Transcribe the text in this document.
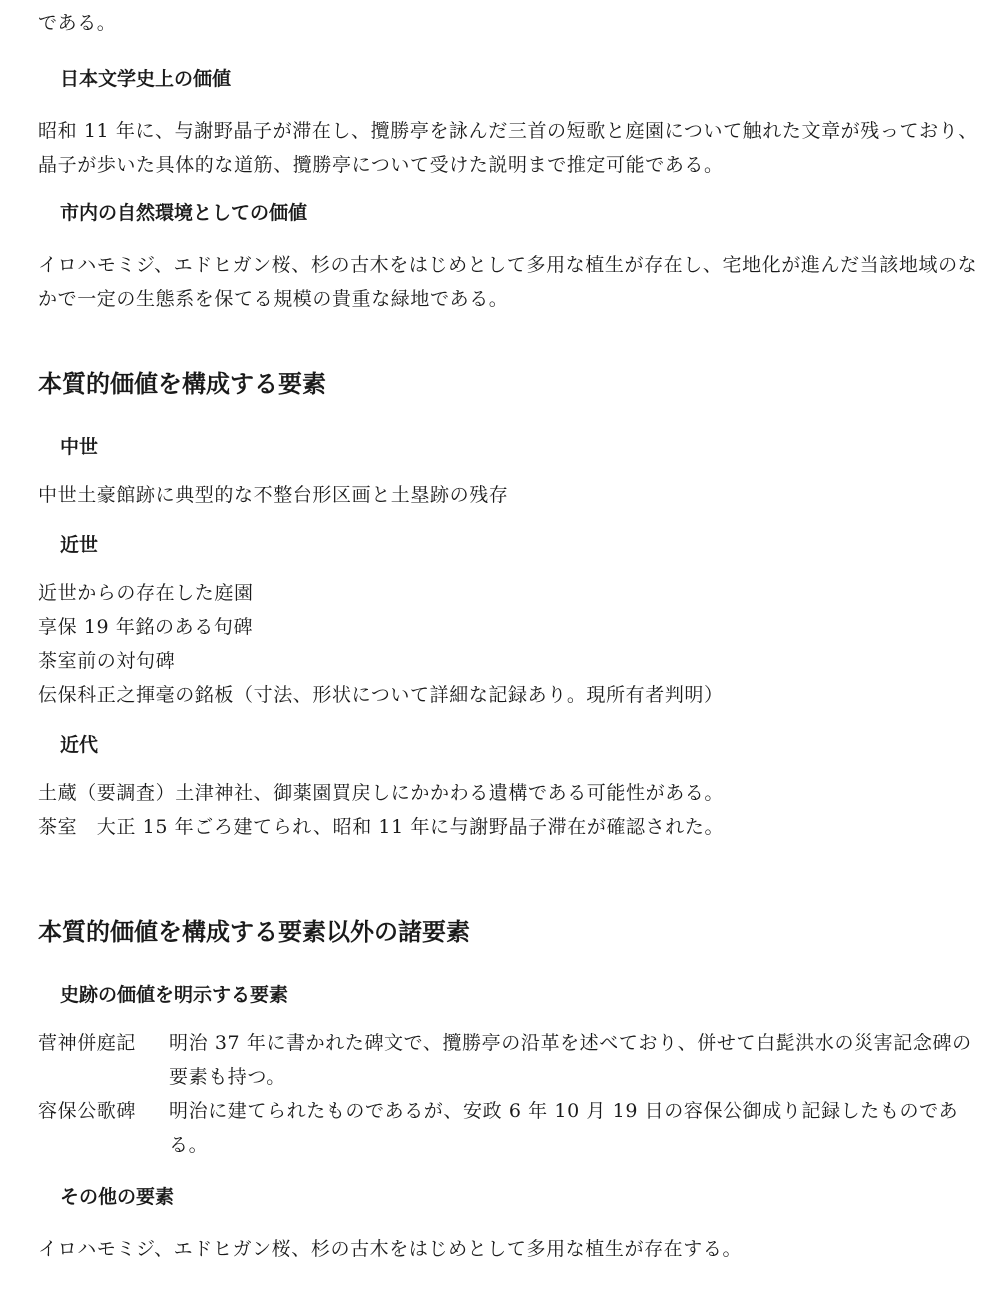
である。

日本文学史上の価値

昭和 11 年に、与謝野晶子が滞在し、攬勝亭を詠んだ三首の短歌と庭園について触れた文章が残っており、晶子が歩いた具体的な道筋、攬勝亭について受けた説明まで推定可能である。

市内の自然環境としての価値

イロハモミジ、エドヒガン桜、杉の古木をはじめとして多用な植生が存在し、宅地化が進んだ当該地域のなかで一定の生態系を保てる規模の貴重な緑地である。

本質的価値を構成する要素
中世
中世土豪館跡に典型的な不整台形区画と土塁跡の残存
近世
近世からの存在した庭園
享保 19 年銘のある句碑
茶室前の対句碑
伝保科正之揮毫の銘板（寸法、形状について詳細な記録あり。現所有者判明）
近代
土蔵（要調査）土津神社、御薬園買戻しにかかわる遺構である可能性がある。
茶室　大正 15 年ごろ建てられ、昭和 11 年に与謝野晶子滞在が確認された。
本質的価値を構成する要素以外の諸要素
史跡の価値を明示する要素
菅神併庭記	明治 37 年に書かれた碑文で、攬勝亭の沿革を述べており、併せて白髭洪水の災害記念碑の要素も持つ。
容保公歌碑	明治に建てられたものであるが、安政 6 年 10 月 19 日の容保公御成り記録したものである。
その他の要素

イロハモミジ、エドヒガン桜、杉の古木をはじめとして多用な植生が存在する。
